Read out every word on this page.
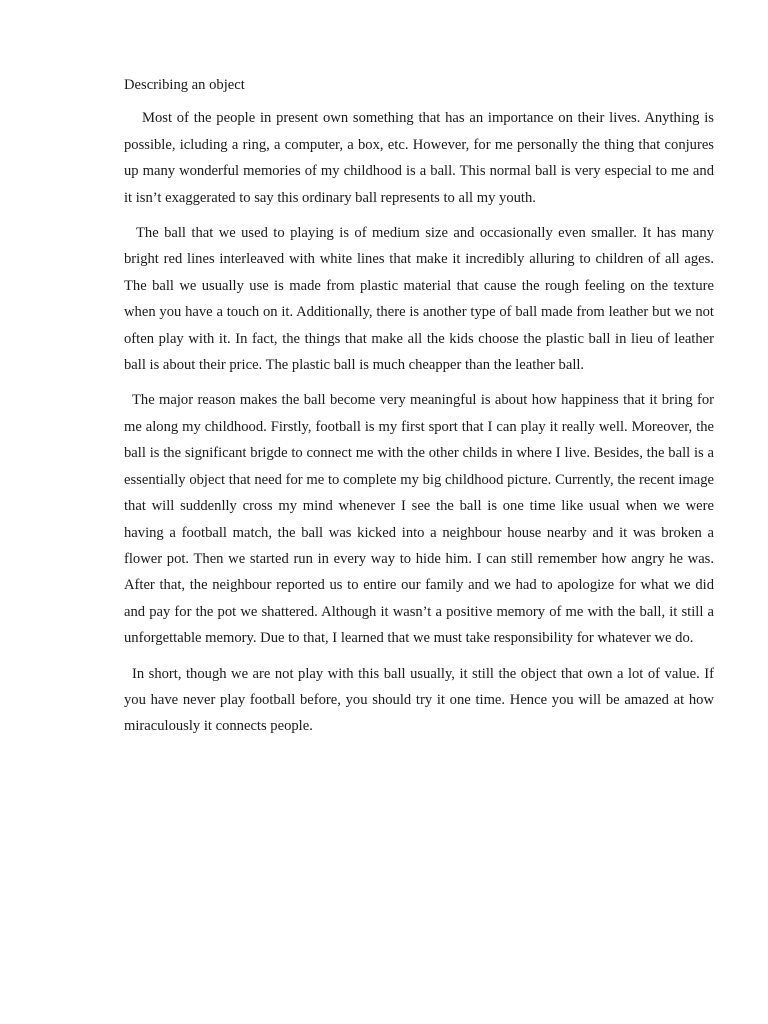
Describing an object

Most of the people in present own something that has an importance on their lives. Anything is possible, icluding a ring, a computer, a box, etc. However, for me personally the thing that conjures up many wonderful memories of my childhood is a ball. This normal ball is very especial to me and it isn’t exaggerated to say this ordinary ball represents to all my youth.

The ball that we used to playing is of medium size and occasionally even smaller. It has many bright red lines interleaved with white lines that make it incredibly alluring to children of all ages. The ball we usually use is made from plastic material that cause the rough feeling on the texture when you have a touch on it. Additionally, there is another type of ball made from leather but we not often play with it. In fact, the things that make all the kids choose the plastic ball in lieu of leather ball is about their price. The plastic ball is much cheapper than the leather ball.

The major reason makes the ball become very meaningful is about how happiness that it bring for me along my childhood. Firstly, football is my first sport that I can play it really well. Moreover, the ball is the significant brigde to connect me with the other childs in where I live. Besides, the ball is a essentially object that need for me to complete my big childhood picture. Currently, the recent image that will suddenlly cross my mind whenever I see the ball is one time like usual when we were having a football match, the ball was kicked into a neighbour house nearby and it was broken a flower pot. Then we started run in every way to hide him. I can still remember how angry he was. After that, the neighbour reported us to entire our family and we had to apologize for what we did and pay for the pot we shattered. Although it wasn’t a positive memory of me with the ball, it still a unforgettable memory. Due to that, I learned that we must take responsibility for whatever we do.

In short, though we are not play with this ball usually, it still the object that own a lot of value. If you have never play football before, you should try it one time. Hence you will be amazed at how miraculously it connects people.
